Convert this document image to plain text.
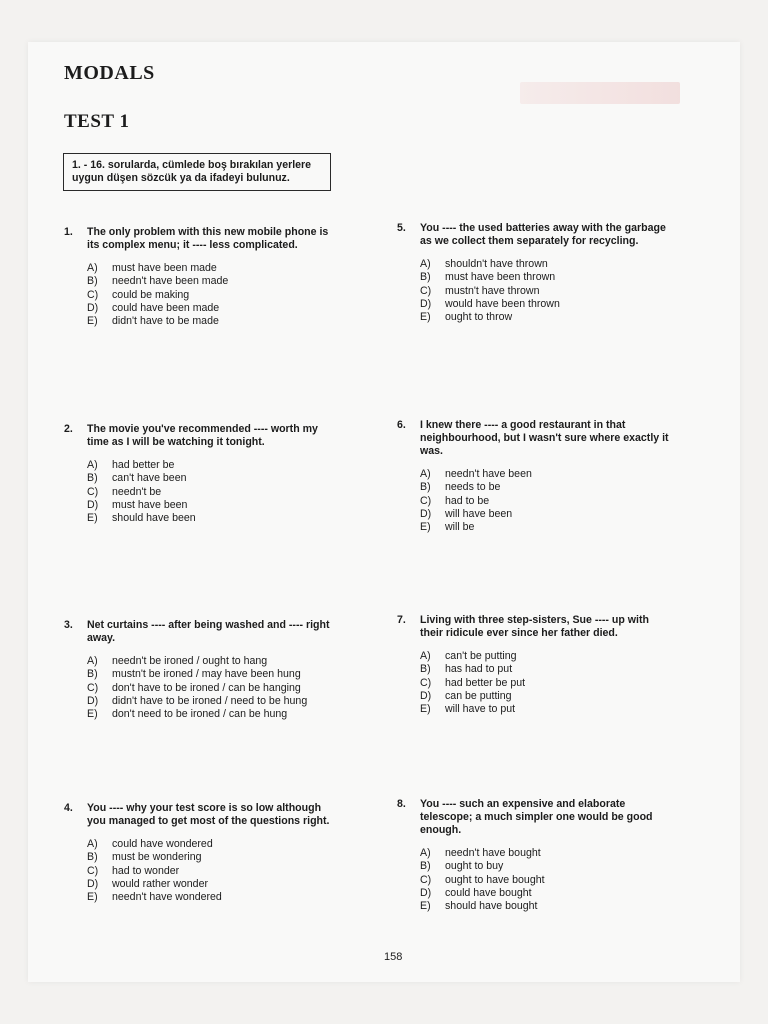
MODALS
TEST 1
1. - 16. sorularda, cümlede boş bırakılan yerlere uygun düşen sözcük ya da ifadeyi bulunuz.
1. The only problem with this new mobile phone is its complex menu; it ---- less complicated.
A) must have been made
B) needn't have been made
C) could be making
D) could have been made
E) didn't have to be made
2. The movie you've recommended ---- worth my time as I will be watching it tonight.
A) had better be
B) can't have been
C) needn't be
D) must have been
E) should have been
3. Net curtains ---- after being washed and ---- right away.
A) needn't be ironed / ought to hang
B) mustn't be ironed / may have been hung
C) don't have to be ironed / can be hanging
D) didn't have to be ironed / need to be hung
E) don't need to be ironed / can be hung
4. You ---- why your test score is so low although you managed to get most of the questions right.
A) could have wondered
B) must be wondering
C) had to wonder
D) would rather wonder
E) needn't have wondered
5. You ---- the used batteries away with the garbage as we collect them separately for recycling.
A) shouldn't have thrown
B) must have been thrown
C) mustn't have thrown
D) would have been thrown
E) ought to throw
6. I knew there ---- a good restaurant in that neighbourhood, but I wasn't sure where exactly it was.
A) needn't have been
B) needs to be
C) had to be
D) will have been
E) will be
7. Living with three step-sisters, Sue ---- up with their ridicule ever since her father died.
A) can't be putting
B) has had to put
C) had better be put
D) can be putting
E) will have to put
8. You ---- such an expensive and elaborate telescope; a much simpler one would be good enough.
A) needn't have bought
B) ought to buy
C) ought to have bought
D) could have bought
E) should have bought
158
